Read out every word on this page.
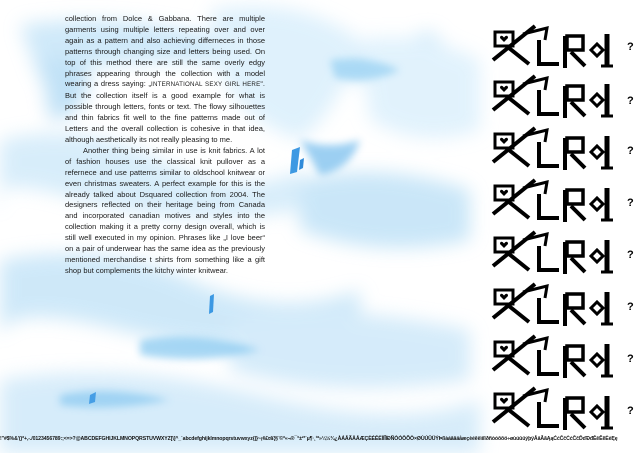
collection from Dolce & Gabbana. There are multiple garments using multiple letters repeating over and over again as a pattern and also achieving differneces in those patterns through changing size and letters being used. On top of this method there are still the same overly edgy phrases appearing through the collection with a model wearing a dress saying: „INTERNATIONAL SEXY GIRL HERE“. But the collection itself is a good example for what is possible through letters, fonts or text. The flowy silhouettes and thin fabrics fit well to the fine patterns made out of Letters and the overall collection is cohesive in that idea, although aesthetically its not really pleasing to me.

Another thing being similar in use is knit fabrics. A lot of fashion houses use the classical knit pullover as a refernece and use patterns similar to oldschool knitwear or even christmas sweaters. A perfect example for this is the already talked about Dsquared collection from 2004. The designers reflected on their heritage being from Canada and incorporated canadian motives and styles into the collection making it a pretty corny design overall, which is still well executed in my opinion. Phrases like „I love beer“ on a pair of underwear has the same idea as the previously mentioned merchandise t shirts from something like a gift shop but complements the kitchy winter knitwear.

?
?
?
?
?
?
?
?
!"#$%&'()*+,-./0123456789:;<=>?@ABCDEFGHIJKLMNOPQRSTUVWXYZ[\]^_`abcdefghijklmnopqrstuvwxyz{|}~¡¢£¤¥¦§¨©ª«¬®¯°±²³´µ¶·¸¹º»¼½¾¿ÀÁÂÃÄÅÆÇÈÉÊËÌÍÎÏÐÑÒÓÔÕÖ×ØÙÚÛÜÝÞßàáâãäåæçèéêëìíîïðñòóôõö÷øùúûüýþÿĀāĂăĄąĆćĈĉĊċČčĎďĐđĒēĔĕĖėĘę
